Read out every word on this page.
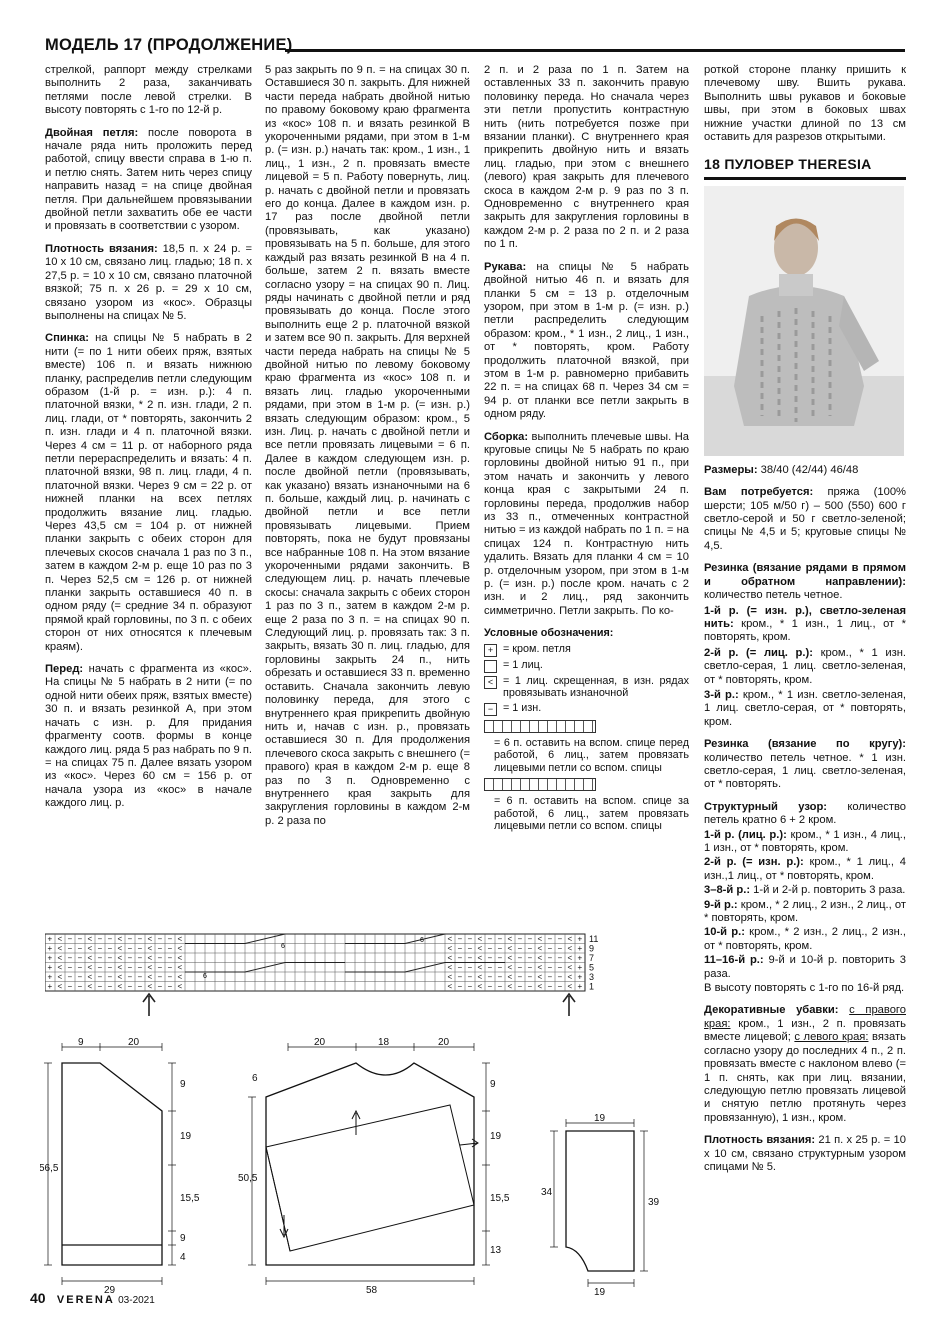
МОДЕЛЬ 17 (ПРОДОЛЖЕНИЕ)

стрелкой, раппорт между стрелками выполнить 2 раза, заканчивать петлями после левой стрелки. В высоту повторять с 1-го по 12-й р.

Двойная петля: после поворота в начале ряда нить проложить перед работой, спицу ввести справа в 1-ю п. и петлю снять. Затем нить через спицу направить назад = на спице двойная петля. При дальнейшем провязывании двойной петли захватить обе ее части и провязать в соответствии с узором.

Плотность вязания: 18,5 п. х 24 р. = 10 х 10 см, связано лиц. гладью; 18 п. х 27,5 р. = 10 х 10 см, связано платочной вязкой; 75 п. х 26 р. = 29 х 10 см, связано узором из «кос». Образцы выполнены на спицах № 5.

Спинка: на спицы № 5 набрать в 2 нити (= по 1 нити обеих пряж, взятых вместе) 106 п. и вязать нижнюю планку, распределив петли следующим образом (1-й р. = изн. р.): 4 п. платочной вязки, * 2 п. изн. глади, 2 п. лиц. глади, от * повторять, закончить 2 п. изн. глади и 4 п. платочной вязки. Через 4 см = 11 р. от наборного ряда петли перераспределить и вязать: 4 п. платочной вязки, 98 п. лиц. глади, 4 п. платочной вязки. Через 9 см = 22 р. от нижней планки на всех петлях продолжить вязание лиц. гладью. Через 43,5 см = 104 р. от нижней планки закрыть с обеих сторон для плечевых скосов сначала 1 раз по 3 п., затем в каждом 2-м р. еще 10 раз по 3 п. Через 52,5 см = 126 р. от нижней планки закрыть оставшиеся 40 п. в одном ряду (= средние 34 п. образуют прямой край горловины, по 3 п. с обеих сторон от них относятся к плечевым краям).

Перед: начать с фрагмента из «кос». На спицы № 5 набрать в 2 нити (= по одной нити обеих пряж, взятых вместе) 30 п. и вязать резинкой А, при этом начать с изн. р. Для придания фрагменту соотв. формы в конце каждого лиц. ряда 5 раз набрать по 9 п. = на спицах 75 п. Далее вязать узором из «кос». Через 60 см = 156 р. от начала узора из «кос» в начале каждого лиц. р.

5 раз закрыть по 9 п. = на спицах 30 п. Оставшиеся 30 п. закрыть. Для нижней части переда набрать двойной нитью по правому боковому краю фрагмента из «кос» 108 п. и вязать резинкой В укороченными рядами, при этом в 1-м р. (= изн. р.) начать так: кром., 1 изн., 1 лиц., 1 изн., 2 п. провязать вместе лицевой = 5 п. Работу повернуть, лиц. р. начать с двойной петли и провязать его до конца. Далее в каждом изн. р. 17 раз после двойной петли (провязывать, как указано) провязывать на 5 п. больше, для этого каждый раз вязать резинкой В на 4 п. больше, затем 2 п. вязать вместе согласно узору = на спицах 90 п. Лиц. ряды начинать с двойной петли и ряд провязывать до конца. После этого выполнить еще 2 р. платочной вязкой и затем все 90 п. закрыть. Для верхней части переда набрать на спицы № 5 двойной нитью по левому боковому краю фрагмента из «кос» 108 п. и вязать лиц. гладью укороченными рядами, при этом в 1-м р. (= изн. р.) вязать следующим образом: кром., 5 изн. Лиц. р. начать с двойной петли и все петли провязать лицевыми = 6 п. Далее в каждом следующем изн. р. после двойной петли (провязывать, как указано) вязать изнаночными на 6 п. больше, каждый лиц. р. начинать с двойной петли и все петли провязывать лицевыми. Прием повторять, пока не будут провязаны все набранные 108 п. На этом вязание укороченными рядами закончить. В следующем лиц. р. начать плечевые скосы: сначала закрыть с обеих сторон 1 раз по 3 п., затем в каждом 2-м р. еще 2 раза по 3 п. = на спицах 90 п. Следующий лиц. р. провязать так: 3 п. закрыть, вязать 30 п. лиц. гладью, для горловины закрыть 24 п., нить обрезать и оставшиеся 33 п. временно оставить. Сначала закончить левую половинку переда, для этого с внутреннего края прикрепить двойную нить и, начав с изн. р., провязать оставшиеся 30 п. Для продолжения плечевого скоса закрыть с внешнего (= правого) края в каждом 2-м р. еще 8 раз по 3 п. Одновременно с внутреннего края закрыть для закругления горловины в каждом 2-м р. 2 раза по

2 п. и 2 раза по 1 п. Затем на оставленных 33 п. закончить правую половинку переда. Но сначала через эти петли пропустить контрастную нить (нить потребуется позже при вязании планки). С внутреннего края прикрепить двойную нить и вязать лиц. гладью, при этом с внешнего (левого) края закрыть для плечевого скоса в каждом 2-м р. 9 раз по 3 п. Одновременно с внутреннего края закрыть для закругления горловины в каждом 2-м р. 2 раза по 2 п. и 2 раза по 1 п.

Рукава: на спицы № 5 набрать двойной нитью 46 п. и вязать для планки 5 см = 13 р. отделочным узором, при этом в 1-м р. (= изн. р.) петли распределить следующим образом: кром., * 1 изн., 2 лиц., 1 изн., от * повторять, кром. Работу продолжить платочной вязкой, при этом в 1-м р. равномерно прибавить 22 п. = на спицах 68 п. Через 34 см = 94 р. от планки все петли закрыть в одном ряду.

Сборка: выполнить плечевые швы. На круговые спицы № 5 набрать по краю горловины двойной нитью 91 п., при этом начать и закончить у левого конца края с закрытыми 24 п. горловины переда, продолжив набор из 33 п., отмеченных контрастной нитью = из каждой набрать по 1 п. = на спицах 124 п. Контрастную нить удалить. Вязать для планки 4 см = 10 р. отделочным узором, при этом в 1-м р. (= изн. р.) после кром. начать с 2 изн. и 2 лиц., ряд закончить симметрично. Петли закрыть. По ко-

Условные обозначения:
+ = кром. петля
= 1 лиц.
< = 1 лиц. скрещенная, в изн. рядах провязывать изнаночной
− = 1 изн.
= 6 п. оставить на вспом. спице перед работой, 6 лиц., затем провязать лицевыми петли со вспом. спицы
= 6 п. оставить на вспом. спице за работой, 6 лиц., затем провязать лицевыми петли со вспом. спицы

роткой стороне планку пришить к плечевому шву. Вшить рукава. Выполнить швы рукавов и боковые швы, при этом в боковых швах нижние участки длиной по 13 см оставить для разрезов открытыми.

18 ПУЛОВЕР THERESIA

Размеры: 38/40 (42/44) 46/48

Вам потребуется: пряжа (100% шерсти; 105 м/50 г) – 500 (550) 600 г светло-серой и 50 г светло-зеленой; спицы № 4,5 и 5; круговые спицы № 4,5.

Резинка (вязание рядами в прямом и обратном направлении): количество петель четное.

1-й р. (= изн. р.), светло-зеленая нить: кром., * 1 изн., 1 лиц., от * повторять, кром.

2-й р. (= лиц. р.): кром., * 1 изн. светло-серая, 1 лиц. светло-зеленая, от * повторять, кром.

3-й р.: кром., * 1 изн. светло-зеленая, 1 лиц. светло-серая, от * повторять, кром.

Резинка (вязание по кругу): количество петель четное. * 1 изн. светло-серая, 1 лиц. светло-зеленая, от * повторять.

Структурный узор: количество петель кратно 6 + 2 кром.

1-й р. (лиц. р.): кром., * 1 изн., 4 лиц., 1 изн., от * повторять, кром.

2-й р. (= изн. р.): кром., * 1 лиц., 4 изн.,1 лиц., от * повторять, кром.

3–8-й р.: 1-й и 2-й р. повторить 3 раза.

9-й р.: кром., * 2 лиц., 2 изн., 2 лиц., от * повторять, кром.

10-й р.: кром., * 2 изн., 2 лиц., 2 изн., от * повторять, кром.

11–16-й р.: 9-й и 10-й р. повторить 3 раза.

В высоту повторять с 1-го по 16-й ряд.

Декоративные убавки: с правого края: кром., 1 изн., 2 п. провязать вместе лицевой; с левого края: вязать согласно узору до последних 4 п., 2 п. провязать вместе с наклоном влево (= 1 п. снять, как при лиц. вязании, следующую петлю провязать лицевой и снятую петлю протянуть через провязанную), 1 изн., кром.

Плотность вязания: 21 п. х 25 р. = 10 х 10 см, связано структурным узором спицами № 5.

+ < − − < − − < − − < − − <	< − − < − − < − − < − − < +
+ < − − < − − < − − < − − <	< − − < − − < − − < − − < +
+ < − − < − − < − − < − − <	< − − < − − < − − < − − < +
+ < − − < − − < − − < − − <	< − − < − − < − − < − − < +
+ < − − < − − < − − < − − <	< − − < − − < − − < − − < +
+ < − − < − − < − − < − − <	< − − < − − < − − < − − < +
11
9
7
5
3
1
6
6
6
9	20
9
19
15,5
9
4
56,5
29
20	18	20
6
50,5
9
19
15,5
13
58
19
34
39
19
40 VERENA 03-2021
